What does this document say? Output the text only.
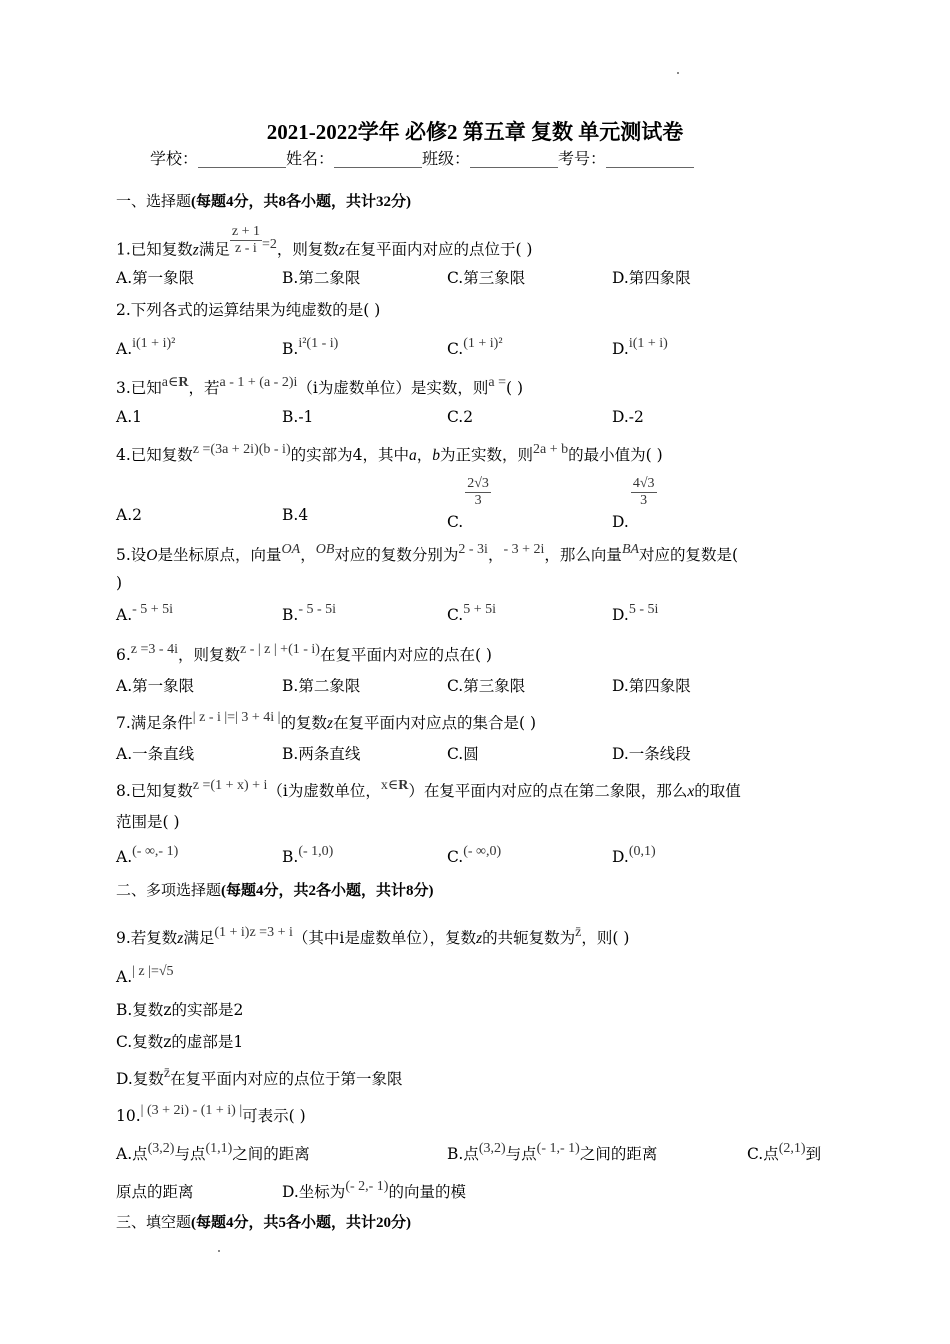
2021-2022学年 必修2 第五章 复数 单元测试卷
学校：___________姓名：___________班级：___________考号：___________
一、选择题(每题4分，共8各小题，共计32分)
1.已知复数z满足 $\frac{z + 1}{z - i} =2$，则复数z在复平面内对应的点位于( )
A.第一象限	B.第二象限	C.第三象限	D.第四象限
2.下列各式的运算结果为纯虚数的是( )
A.i(1 + i)²	B.i²(1 - i)	C.(1 + i)²	D.i(1 + i)
3.已知a∈R，若a - 1 + (a - 2)i（i为虚数单位）是实数，则a =( )
A.1	B.-1	C.2	D.-2
4.已知复数z =(3a + 2i)(b - i)的实部为4，其中a，b为正实数，则2a + b的最小值为( )
A.2	B.4	C.
$\frac{2√3}{3}$
D.
$\frac{4√3}{3}$
5.设O是坐标原点，向量OA，OB对应的复数分别为2 - 3i，- 3 + 2i，那么向量BA对应的复数是(
)
A.- 5 + 5i	B.- 5 - 5i	C.5 + 5i	D.5 - 5i
6.z =3 - 4i，则复数z - | z | +(1 - i)在复平面内对应的点在( )
A.第一象限	B.第二象限	C.第三象限	D.第四象限
7.满足条件| z - i |=| 3 + 4i |的复数z在复平面内对应点的集合是( )
A.一条直线	B.两条直线	C.圆	D.一条线段
8.已知复数z =(1 + x) + i（i为虚数单位，x∈R）在复平面内对应的点在第二象限，那么x的取值
范围是( )
A.(- ∞,- 1)	B.(- 1,0)	C.(- ∞,0)	D.(0,1)
二、多项选择题(每题4分，共2各小题，共计8分)
9.若复数z满足(1 + i)z =3 + i（其中i是虚数单位），复数z的共轭复数为z̄，则( )
A.| z |=√5
B.复数z的实部是2
C.复数z的虚部是1
D.复数z̄在复平面内对应的点位于第一象限
10.| (3 + 2i) - (1 + i) |可表示( )
A.点(3,2)与点(1,1)之间的距离	B.点(3,2)与点(- 1,- 1)之间的距离	C.点(2,1)到
原点的距离	D.坐标为(- 2,- 1)的向量的模
三、填空题(每题4分，共5各小题，共计20分)
